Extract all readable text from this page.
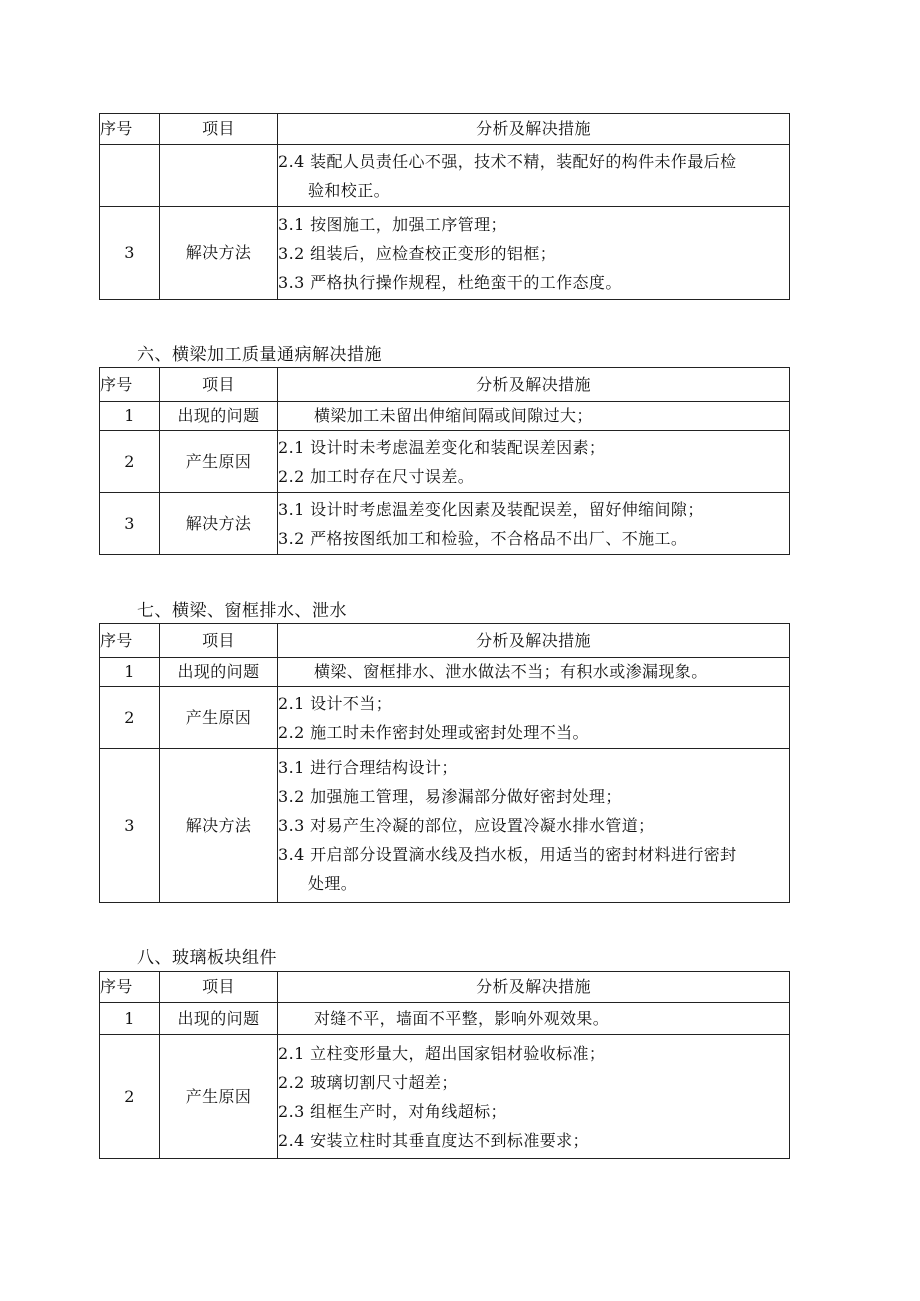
序号	项目	分析及解决措施

		2.4 装配人员责任心不强，技术不精，装配好的构件未作最后检
验和校正。

3	解决方法	3.1 按图施工，加强工序管理；
3.2 组装后，应检查校正变形的铝框；
3.3 严格执行操作规程，杜绝蛮干的工作态度。
六、横梁加工质量通病解决措施
序号	项目	分析及解决措施
1	出现的问题	横梁加工未留出伸缩间隔或间隙过大；
2	产生原因	2.1 设计时未考虑温差变化和装配误差因素；
2.2 加工时存在尺寸误差。

3	解决方法	3.1 设计时考虑温差变化因素及装配误差，留好伸缩间隙；
3.2 严格按图纸加工和检验，不合格品不出厂、不施工。
七、横梁、窗框排水、泄水
序号	项目	分析及解决措施
1	出现的问题	横梁、窗框排水、泄水做法不当；有积水或渗漏现象。
2	产生原因	2.1 设计不当；
2.2 施工时未作密封处理或密封处理不当。

3	解决方法	3.1 进行合理结构设计；
3.2 加强施工管理，易渗漏部分做好密封处理；
3.3 对易产生冷凝的部位，应设置冷凝水排水管道；
3.4 开启部分设置滴水线及挡水板，用适当的密封材料进行密封
处理。
八、玻璃板块组件
序号	项目	分析及解决措施
1	出现的问题	对缝不平，墙面不平整，影响外观效果。
2	产生原因	2.1 立柱变形量大，超出国家铝材验收标准；
2.2 玻璃切割尺寸超差；
2.3 组框生产时，对角线超标；
2.4 安装立柱时其垂直度达不到标准要求；
